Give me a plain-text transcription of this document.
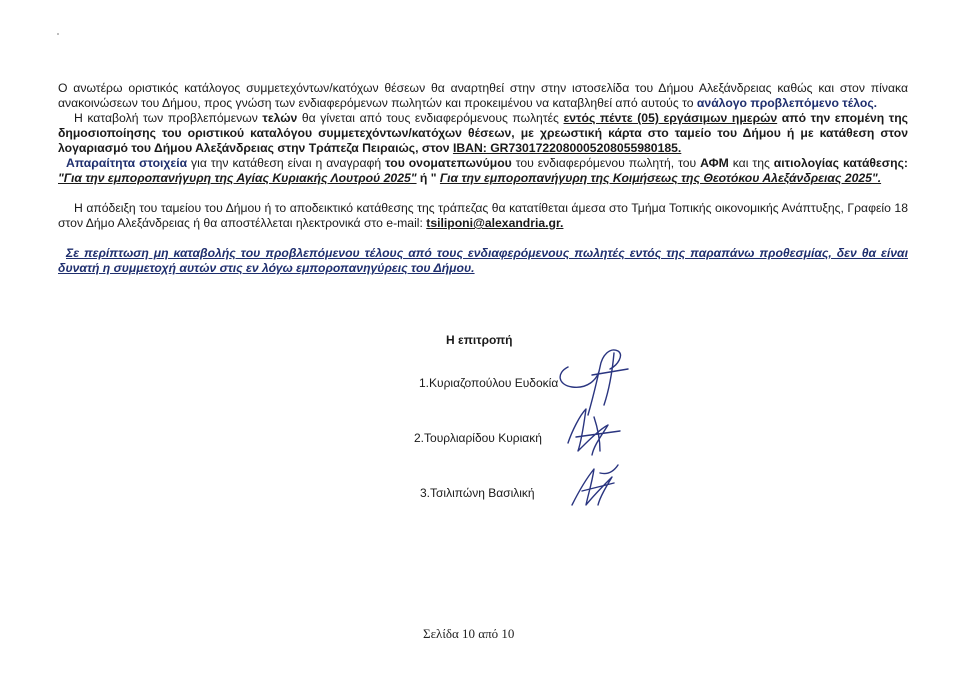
Ο ανωτέρω οριστικός κατάλογος συμμετεχόντων/κατόχων θέσεων θα αναρτηθεί στην στην ιστοσελίδα του Δήμου Αλεξάνδρειας καθώς και στον πίνακα ανακοινώσεων του Δήμου, προς γνώση των ενδιαφερόμενων πωλητών και προκειμένου να καταβληθεί από αυτούς το ανάλογο προβλεπόμενο τέλος.
Η καταβολή των προβλεπόμενων τελών θα γίνεται από τους ενδιαφερόμενους πωλητές εντός πέντε (05) εργάσιμων ημερών από την επομένη της δημοσιοποίησης του οριστικού καταλόγου συμμετεχόντων/κατόχων θέσεων, με χρεωστική κάρτα στο ταμείο του Δήμου ή με κατάθεση στον λογαριασμό του Δήμου Αλεξάνδρειας στην Τράπεζα Πειραιώς, στον IBAN: GR7301722080005208055980185.
Απαραίτητα στοιχεία για την κατάθεση είναι η αναγραφή του ονοματεπωνύμου του ενδιαφερόμενου πωλητή, του ΑΦΜ και της αιτιολογίας κατάθεσης: "Για την εμποροπανήγυρη της Αγίας Κυριακής Λουτρού 2025" ή " Για την εμποροπανήγυρη της Κοιμήσεως της Θεοτόκου Αλεξάνδρειας 2025".
Η απόδειξη του ταμείου του Δήμου ή το αποδεικτικό κατάθεσης της τράπεζας θα κατατίθεται άμεσα στο Τμήμα Τοπικής οικονομικής Ανάπτυξης, Γραφείο 18 στον Δήμο Αλεξάνδρειας ή θα αποστέλλεται ηλεκτρονικά στο e-mail: tsiliponi@alexandria.gr.
Σε περίπτωση μη καταβολής του προβλεπόμενου τέλους από τους ενδιαφερόμενους πωλητές εντός της παραπάνω προθεσμίας, δεν θα είναι δυνατή η συμμετοχή αυτών στις εν λόγω εμποροπανηγύρεις του Δήμου.
Η επιτροπή
1.Κυριαζοπούλου Ευδοκία
2.Τουρλιαρίδου Κυριακή
3.Τσιλιπώνη Βασιλική
Σελίδα 10 από 10
